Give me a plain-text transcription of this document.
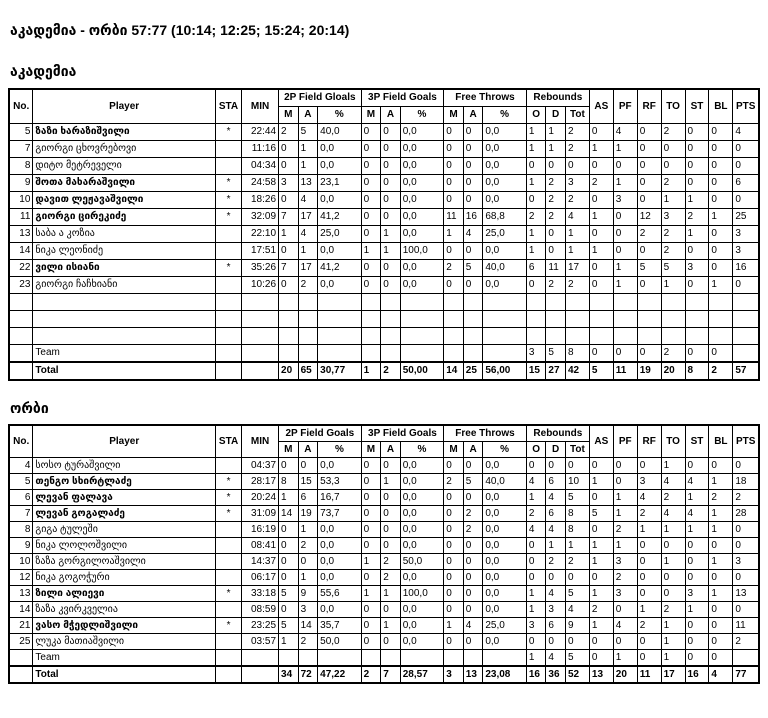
აკადემია - ორბი 57:77 (10:14; 12:25; 15:24; 20:14)
აკადემია
No.	Player	STA	MIN	2P Field Gloals			3P Field Goals			Free Throws			Rebounds			AS	PF	RF	TO	ST	BL	PTS
				M	A	%	M	A	%	M	A	%	O	D	Tot							
5	ზაზი ხარაზიშვილი	*	22:44	2	5	40,0	0	0	0,0	0	0	0,0	1	1	2	0	4	0	2	0	0	4
7	გიორგი ცხოვრებოვი		11:16	0	1	0,0	0	0	0,0	0	0	0,0	1	1	2	1	1	0	0	0	0	0
8	დიტო მეტრეველი		04:34	0	1	0,0	0	0	0,0	0	0	0,0	0	0	0	0	0	0	0	0	0	0
9	შოთა მახარაშვილი	*	24:58	3	13	23,1	0	0	0,0	0	0	0,0	1	2	3	2	1	0	2	0	0	6
10	დავით ლეჟავაშვილი	*	18:26	0	4	0,0	0	0	0,0	0	0	0,0	0	2	2	0	3	0	1	1	0	0
11	გიორგი ცირეკიძე	*	32:09	7	17	41,2	0	0	0,0	11	16	68,8	2	2	4	1	0	12	3	2	1	25
13	საბა ა კოზია		22:10	1	4	25,0	0	1	0,0	1	4	25,0	1	0	1	0	0	2	2	1	0	3
14	ნიკა ლეონიძე		17:51	0	1	0,0	1	1	100,0	0	0	0,0	1	0	1	1	0	0	2	0	0	3
22	ვილი ისიანი	*	35:26	7	17	41,2	0	0	0,0	2	5	40,0	6	11	17	0	1	5	5	3	0	16
23	გიორგი ჩაჩხიანი		10:26	0	2	0,0	0	0	0,0	0	0	0,0	0	2	2	0	1	0	1	0	1	0

	Team												3	5	8	0	0	0	2	0	0	
	Total			20	65	30,77	1	2	50,00	14	25	56,00	15	27	42	5	11	19	20	8	2	57
ორბი
No.	Player	STA	MIN	2P Field Goals			3P Field Goals			Free Throws			Rebounds			AS	PF	RF	TO	ST	BL	PTS
				M	A	%	M	A	%	M	A	%	O	D	Tot							
4	სოსო ტურაშვილი		04:37	0	0	0,0	0	0	0,0	0	0	0,0	0	0	0	0	0	0	1	0	0	0
5	თენგო სხირტლაძე	*	28:17	8	15	53,3	0	1	0,0	2	5	40,0	4	6	10	1	0	3	4	4	1	18
6	ლევან ფალავა	*	20:24	1	6	16,7	0	0	0,0	0	0	0,0	1	4	5	0	1	4	2	1	2	2
7	ლევან გოგალაძე	*	31:09	14	19	73,7	0	0	0,0	0	2	0,0	2	6	8	5	1	2	4	4	1	28
8	გიგა ტულეში		16:19	0	1	0,0	0	0	0,0	0	2	0,0	4	4	8	0	2	1	1	1	1	0
9	ნიკა ლოლოშვილი		08:41	0	2	0,0	0	0	0,0	0	0	0,0	0	1	1	1	1	0	0	0	0	0
10	ზაზა გორგილოაშვილი		14:37	0	0	0,0	1	2	50,0	0	0	0,0	0	2	2	1	3	0	1	0	1	3
12	ნიკა გოგოჭური		06:17	0	1	0,0	0	2	0,0	0	0	0,0	0	0	0	0	2	0	0	0	0	0
13	ზილი ალიევი	*	33:18	5	9	55,6	1	1	100,0	0	0	0,0	1	4	5	1	3	0	0	3	1	13
14	ზაზა კვირკველია		08:59	0	3	0,0	0	0	0,0	0	0	0,0	1	3	4	2	0	1	2	1	0	0
21	ვასო მჭედლიშვილი	*	23:25	5	14	35,7	0	1	0,0	1	4	25,0	3	6	9	1	4	2	1	0	0	11
25	ლუკა მათიაშვილი		03:57	1	2	50,0	0	0	0,0	0	0	0,0	0	0	0	0	0	0	1	0	0	2
	Team												1	4	5	0	1	0	1	0	0	
	Total			34	72	47,22	2	7	28,57	3	13	23,08	16	36	52	13	20	11	17	16	4	77
